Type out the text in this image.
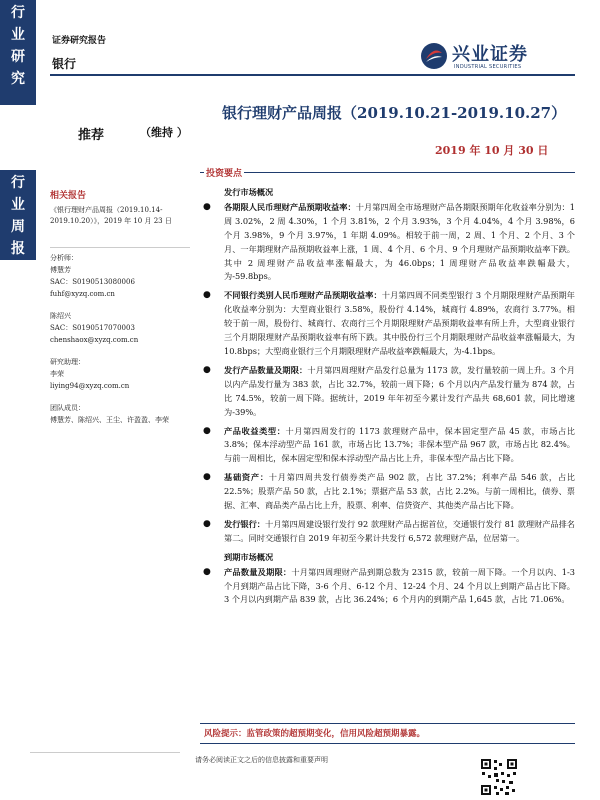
行
业
研
究
行
业
周
报
证券研究报告
银行	兴业证券
INDUSTRIAL SECURITIES
银行理财产品周报（2019.10.21-2019.10.27）
推荐	（维持 ）
2019 年 10 月 30 日
相关报告
《银行理财产品周报（2019.10.14-2019.10.20）》，2019 年 10 月 23 日
分析师：
傅慧芳
SAC：S0190513080006
fuhf@xyzq.com.cn
陈绍兴
SAC：S0190517070003
chenshaox@xyzq.com.cn
研究助理：
李荣
liying94@xyzq.com.cn
团队成员：
傅慧芳、陈绍兴、王尘、许盈盈、李荣
投资要点
发行市场概况
● 各期限人民币理财产品预期收益率：十月第四周全市场理财产品各期限预期年化收益率分别为：1 周 3.02%，2 周 4.30%，1 个月 3.81%，2 个月 3.93%，3 个月 4.04%，4 个月 3.98%，6 个月 3.98%，9 个月 3.97%，1 年期 4.09%。相较于前一周，2 周、1 个月、2 个月、3 个月、一年期理财产品预期收益率上涨，1 周、4 个月、6 个月、9 个月理财产品预期收益率下跌。其中 2 周理财产品收益率涨幅最大，为 46.0bps；1 周理财产品收益率跌幅最大，为-59.8bps。
● 不同银行类别人民币理财产品预期收益率：十月第四周不同类型银行 3 个月期限理财产品预期年化收益率分别为：大型商业银行 3.58%，股份行 4.14%，城商行 4.89%，农商行 3.77%。相较于前一周，股份行、城商行、农商行三个月期限理财产品预期收益率有所上升，大型商业银行三个月期限理财产品预期收益率有所下跌。其中股份行三个月期限理财产品收益率涨幅最大，为 10.8bps；大型商业银行三个月期限理财产品收益率跌幅最大，为-4.1bps。
● 发行产品数量及期限：十月第四周理财产品发行总量为 1173 款，发行量较前一周上升。3 个月以内产品发行量为 383 款，占比 32.7%，较前一周下降；6 个月以内产品发行量为 874 款，占比 74.5%，较前一周下降。据统计，2019 年年初至今累计发行产品共 68,601 款，同比增速为-39%。
● 产品收益类型：十月第四周发行的 1173 款理财产品中，保本固定型产品 45 款，市场占比 3.8%；保本浮动型产品 161 款，市场占比 13.7%；非保本型产品 967 款，市场占比 82.4%。与前一周相比，保本固定型和保本浮动型产品占比上升，非保本型产品占比下降。
● 基础资产：十月第四周共发行债券类产品 902 款，占比 37.2%；利率产品 546 款，占比 22.5%；股票产品 50 款，占比 2.1%；票据产品 53 款，占比 2.2%。与前一周相比，债券、票据、汇率、商品类产品占比上升，股票、利率、信贷资产、其他类产品占比下降。
● 发行银行：十月第四周建设银行发行 92 款理财产品占据首位，交通银行发行 81 款理财产品排名第二。同时交通银行自 2019 年初至今累计共发行 6,572 款理财产品，位居第一。
到期市场概况
● 产品数量及期限：十月第四周理财产品到期总数为 2315 款，较前一周下降。一个月以内、1-3 个月到期产品占比下降，3-6 个月、6-12 个月、12-24 个月、24 个月以上到期产品占比下降。3 个月以内到期产品 839 款，占比 36.24%；6 个月内的到期产品 1,645 款，占比 71.06%。
风险提示：监管政策的超预期变化，信用风险超预期暴露。
请务必阅读正文之后的信息披露和重要声明
